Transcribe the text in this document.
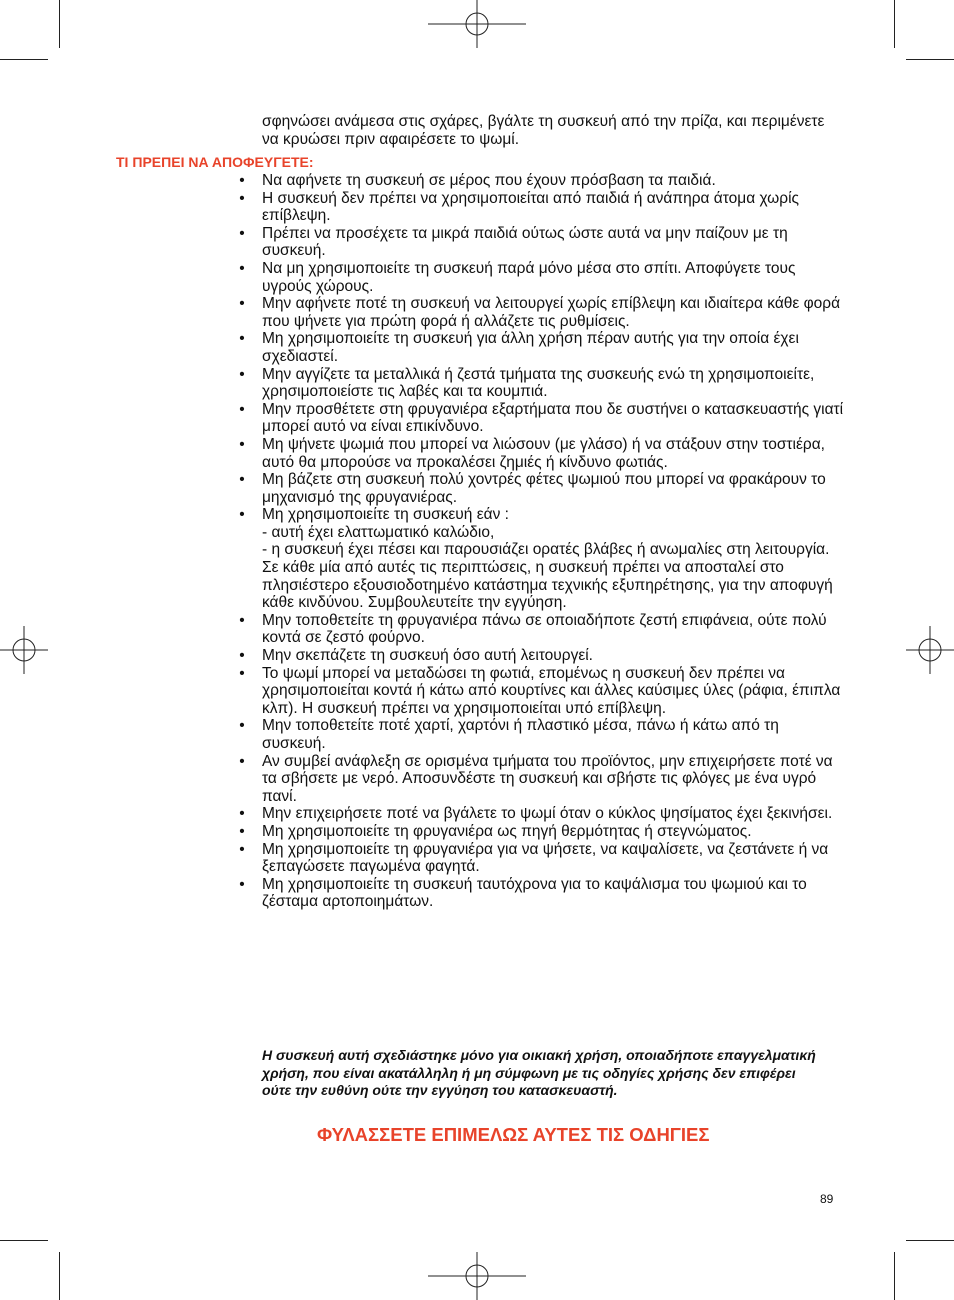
σφηνώσει ανάμεσα στις σχάρες, βγάλτε τη συσκευή από την πρίζα, και περιμένετε να κρυώσει πριν αφαιρέσετε το ψωμί.
ΤΙ ΠΡΕΠΕΙ ΝΑ ΑΠΟΦΕΥΓΕΤΕ:
•	Να αφήνετε τη συσκευή σε μέρος που έχουν πρόσβαση τα παιδιά.
•	Η συσκευή δεν πρέπει να χρησιμοποιείται από παιδιά ή ανάπηρα άτομα χωρίς επίβλεψη.
•	Πρέπει να προσέχετε τα μικρά παιδιά ούτως ώστε αυτά να μην παίζουν με τη συσκευή.
•	Να μη χρησιμοποιείτε τη συσκευή παρά μόνο μέσα στο σπίτι. Αποφύγετε τους υγρούς χώρους.
•	Μην αφήνετε ποτέ τη συσκευή να λειτουργεί χωρίς επίβλεψη και ιδιαίτερα κάθε φορά που ψήνετε για πρώτη φορά ή αλλάζετε τις ρυθμίσεις.
•	Μη χρησιμοποιείτε τη συσκευή για άλλη χρήση πέραν αυτής για την οποία έχει σχεδιαστεί.
•	Μην αγγίζετε τα μεταλλικά ή ζεστά τμήματα της συσκευής ενώ τη χρησιμοποιείτε, χρησιμοποιείστε τις λαβές και τα κουμπιά.
•	Μην προσθέτετε στη φρυγανιέρα εξαρτήματα που δε συστήνει ο κατασκευαστής γιατί μπορεί αυτό να είναι επικίνδυνο.
•	Μη ψήνετε ψωμιά που μπορεί να λιώσουν (με γλάσο) ή να στάξουν στην τοστιέρα, αυτό θα μπορούσε να προκαλέσει ζημιές ή κίνδυνο φωτιάς.
•	Μη βάζετε στη συσκευή πολύ χοντρές φέτες ψωμιού που μπορεί να φρακάρουν το μηχανισμό της φρυγανιέρας.
•	Μη χρησιμοποιείτε τη συσκευή εάν :
- αυτή έχει ελαττωματικό καλώδιο,
- η συσκευή έχει πέσει και παρουσιάζει ορατές βλάβες ή ανωμαλίες στη λειτουργία. Σε κάθε μία από αυτές τις περιπτώσεις, η συσκευή πρέπει να αποσταλεί στο πλησιέστερο εξουσιοδοτημένο κατάστημα τεχνικής εξυπηρέτησης, για την αποφυγή κάθε κινδύνου. Συμβουλευτείτε την εγγύηση.
•	Μην τοποθετείτε τη φρυγανιέρα πάνω σε οποιαδήποτε ζεστή επιφάνεια, ούτε πολύ κοντά σε ζεστό φούρνο.
•	Μην σκεπάζετε τη συσκευή όσο αυτή λειτουργεί.
•	Το ψωμί μπορεί να μεταδώσει τη φωτιά, επομένως η συσκευή δεν πρέπει να χρησιμοποιείται κοντά ή κάτω από κουρτίνες και άλλες καύσιμες ύλες (ράφια, έπιπλα κλπ). Η συσκευή πρέπει να χρησιμοποιείται υπό επίβλεψη.
•	Μην τοποθετείτε ποτέ χαρτί, χαρτόνι ή πλαστικό μέσα, πάνω ή κάτω από τη συσκευή.
•	Αν συμβεί ανάφλεξη σε ορισμένα τμήματα του προϊόντος, μην επιχειρήσετε ποτέ να τα σβήσετε με νερό. Αποσυνδέστε τη συσκευή και σβήστε τις φλόγες με ένα υγρό πανί.
•	Μην επιχειρήσετε ποτέ να βγάλετε το ψωμί όταν ο κύκλος ψησίματος έχει ξεκινήσει.
•	Μη χρησιμοποιείτε τη φρυγανιέρα ως πηγή θερμότητας ή στεγνώματος.
•	Μη χρησιμοποιείτε τη φρυγανιέρα για να ψήσετε, να καψαλίσετε, να ζεστάνετε ή να ξεπαγώσετε παγωμένα φαγητά.
•	Μη χρησιμοποιείτε τη συσκευή ταυτόχρονα για το καψάλισμα του ψωμιού και το ζέσταμα αρτοποιημάτων.
Η συσκευή αυτή σχεδιάστηκε μόνο για οικιακή χρήση, οποιαδήποτε επαγγελματική χρήση, που είναι ακατάλληλη ή μη σύμφωνη με τις οδηγίες χρήσης δεν επιφέρει ούτε την ευθύνη ούτε την εγγύηση του κατασκευαστή.
ΦΥΛΑΣΣΕΤΕ ΕΠΙΜΕΛΩΣ ΑΥΤΕΣ ΤΙΣ ΟΔΗΓΙΕΣ
89
